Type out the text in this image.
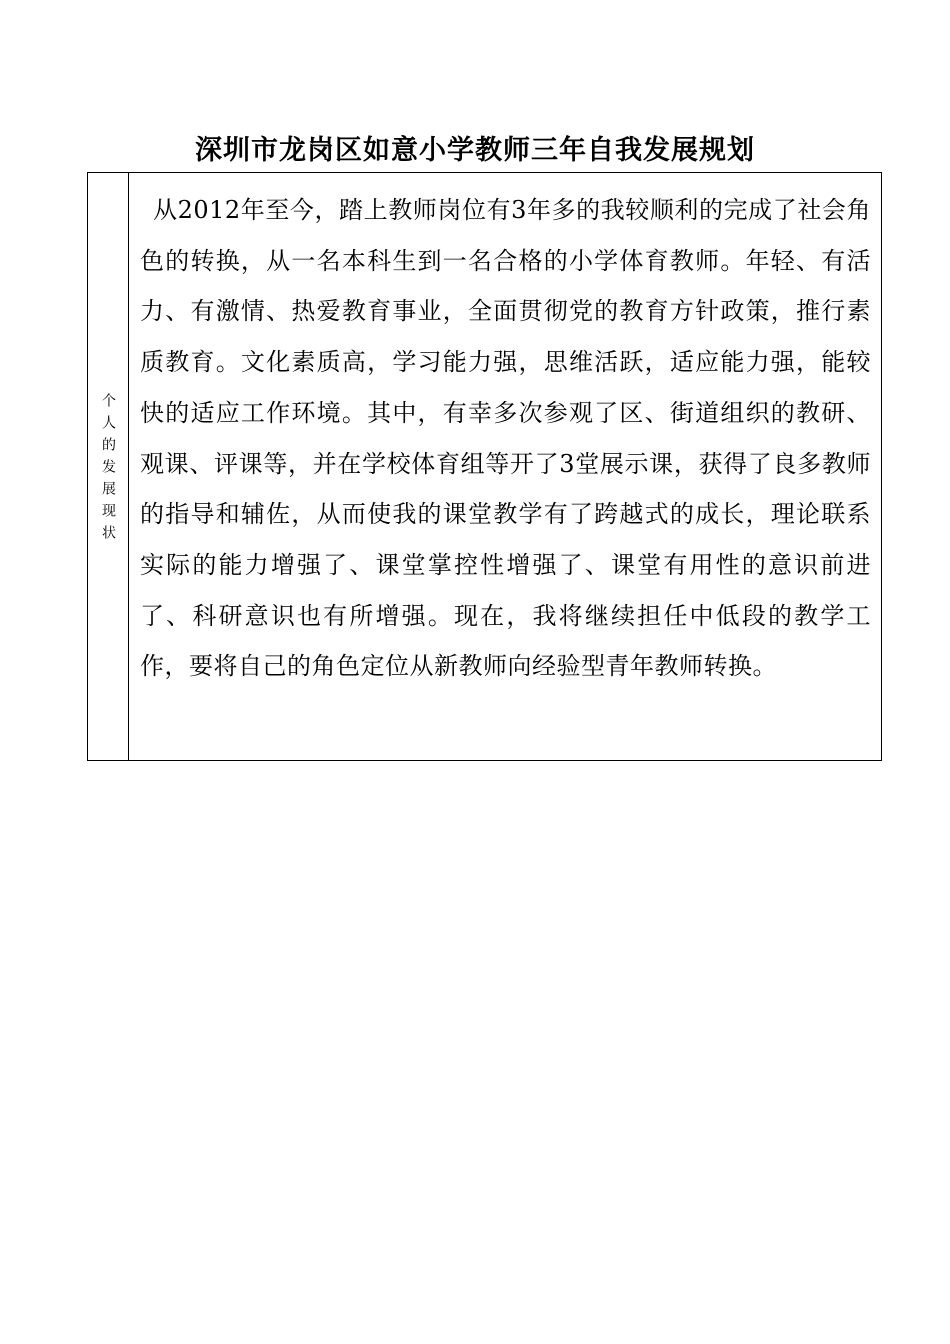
深圳市龙岗区如意小学教师三年自我发展规划
个人的发展现状

从2012年至今，踏上教师岗位有3年多的我较顺利的完成了社会角色的转换，从一名本科生到一名合格的小学体育教师。年轻、有活力、有激情、热爱教育事业，全面贯彻党的教育方针政策，推行素质教育。文化素质高，学习能力强，思维活跃，适应能力强，能较快的适应工作环境。其中，有幸多次参观了区、街道组织的教研、观课、评课等，并在学校体育组等开了3堂展示课，获得了良多教师的指导和辅佐，从而使我的课堂教学有了跨越式的成长，理论联系实际的能力增强了、课堂掌控性增强了、课堂有用性的意识前进了、科研意识也有所增强。现在，我将继续担任中低段的教学工作，要将自己的角色定位从新教师向经验型青年教师转换。
